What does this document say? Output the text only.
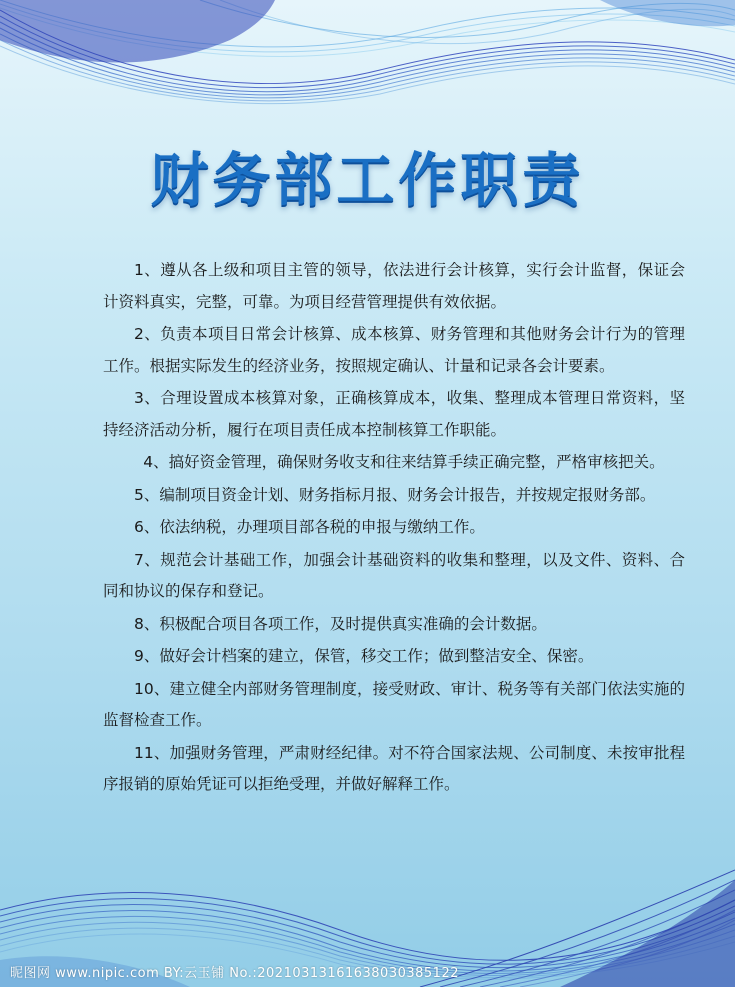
财务部工作职责

1、遵从各上级和项目主管的领导，依法进行会计核算，实行会计监督，保证会计资料真实，完整，可靠。为项目经营管理提供有效依据。

2、负责本项目日常会计核算、成本核算、财务管理和其他财务会计行为的管理工作。根据实际发生的经济业务，按照规定确认、计量和记录各会计要素。

3、合理设置成本核算对象，正确核算成本，收集、整理成本管理日常资料，坚持经济活动分析，履行在项目责任成本控制核算工作职能。

4、搞好资金管理，确保财务收支和往来结算手续正确完整，严格审核把关。

5、编制项目资金计划、财务指标月报、财务会计报告，并按规定报财务部。

6、依法纳税，办理项目部各税的申报与缴纳工作。

7、规范会计基础工作，加强会计基础资料的收集和整理，以及文件、资料、合同和协议的保存和登记。

8、积极配合项目各项工作，及时提供真实准确的会计数据。

9、做好会计档案的建立，保管，移交工作；做到整洁安全、保密。

10、建立健全内部财务管理制度，接受财政、审计、税务等有关部门依法实施的监督检查工作。

11、加强财务管理，严肃财经纪律。对不符合国家法规、公司制度、未按审批程序报销的原始凭证可以拒绝受理，并做好解释工作。

昵图网 www.nipic.com BY:云玉铺 No.:20210313161638030385122
